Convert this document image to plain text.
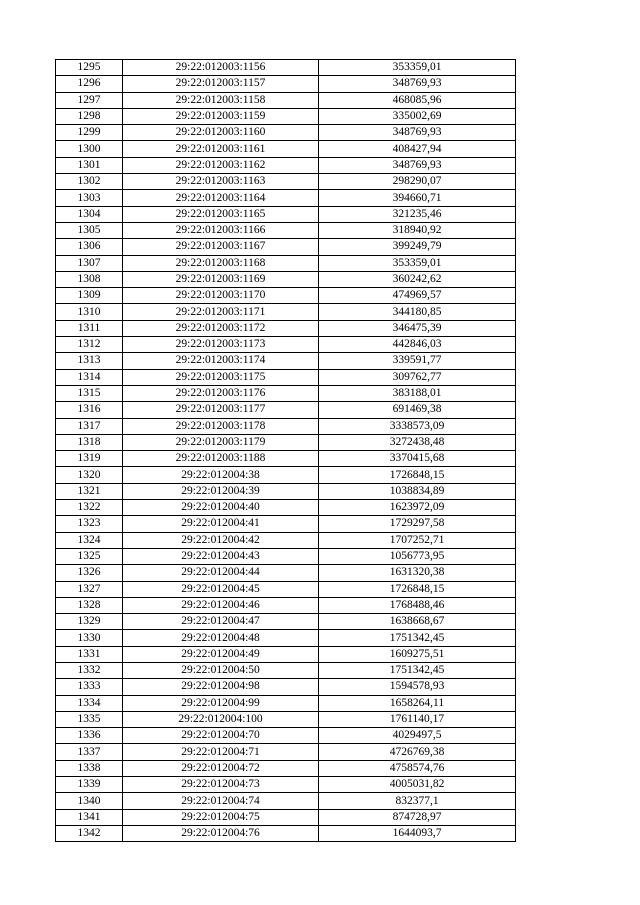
1295	29:22:012003:1156	353359,01
1296	29:22:012003:1157	348769,93
1297	29:22:012003:1158	468085,96
1298	29:22:012003:1159	335002,69
1299	29:22:012003:1160	348769,93
1300	29:22:012003:1161	408427,94
1301	29:22:012003:1162	348769,93
1302	29:22:012003:1163	298290,07
1303	29:22:012003:1164	394660,71
1304	29:22:012003:1165	321235,46
1305	29:22:012003:1166	318940,92
1306	29:22:012003:1167	399249,79
1307	29:22:012003:1168	353359,01
1308	29:22:012003:1169	360242,62
1309	29:22:012003:1170	474969,57
1310	29:22:012003:1171	344180,85
1311	29:22:012003:1172	346475,39
1312	29:22:012003:1173	442846,03
1313	29:22:012003:1174	339591,77
1314	29:22:012003:1175	309762,77
1315	29:22:012003:1176	383188,01
1316	29:22:012003:1177	691469,38
1317	29:22:012003:1178	3338573,09
1318	29:22:012003:1179	3272438,48
1319	29:22:012003:1188	3370415,68
1320	29:22:012004:38	1726848,15
1321	29:22:012004:39	1038834,89
1322	29:22:012004:40	1623972,09
1323	29:22:012004:41	1729297,58
1324	29:22:012004:42	1707252,71
1325	29:22:012004:43	1056773,95
1326	29:22:012004:44	1631320,38
1327	29:22:012004:45	1726848,15
1328	29:22:012004:46	1768488,46
1329	29:22:012004:47	1638668,67
1330	29:22:012004:48	1751342,45
1331	29:22:012004:49	1609275,51
1332	29:22:012004:50	1751342,45
1333	29:22:012004:98	1594578,93
1334	29:22:012004:99	1658264,11
1335	29:22:012004:100	1761140,17
1336	29:22:012004:70	4029497,5
1337	29:22:012004:71	4726769,38
1338	29:22:012004:72	4758574,76
1339	29:22:012004:73	4005031,82
1340	29:22:012004:74	832377,1
1341	29:22:012004:75	874728,97
1342	29:22:012004:76	1644093,7
